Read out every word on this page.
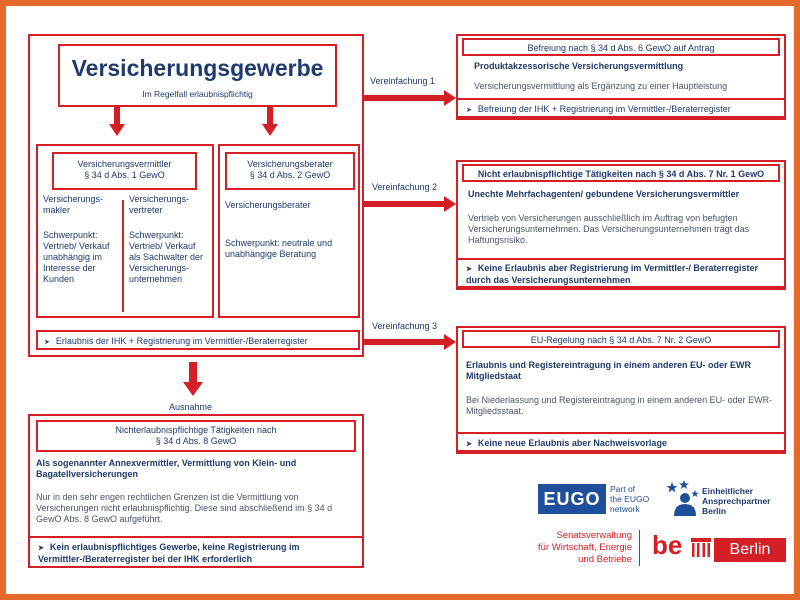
Vereinfachung 1
Vereinfachung 2
Vereinfachung 3
Versicherungsgewerbe
Im Regelfall erlaubnispflichtig
Versicherungsvermittler
§ 34 d Abs. 1 GewO
Versicherungs-
makler
Schwerpunkt: Vertrieb/ Verkauf unabhängig im Interesse der Kunden
Versicherungs-
vertreter
Schwerpunkt: Vertrieb/ Verkauf als Sachwalter der Versicherungs-unternehmen
Versicherungsberater
§ 34 d Abs. 2 GewO
Versicherungsberater
Schwerpunkt: neutrale und unabhängige Beratung
➤ Erlaubnis der IHK + Registrierung im Vermittler-/Beraterregister
Ausnahme
Nichterlaubnispflichtige Tätigkeiten nach
§ 34 d Abs. 8 GewO
Als sogenannter Annexvermittler, Vermittlung von Klein- und Bagatellversicherungen
Nur in den sehr engen rechtlichen Grenzen ist die Vermittlung von Versicherungen nicht erlaubnispflichtig. Diese sind abschließend im § 34 d GewO Abs. 8 GewO aufgeführt.
➤ Kein erlaubnispflichtiges Gewerbe, keine Registrierung im Vermittler-/Beraterregister bei der IHK erforderlich
Befreiung nach § 34 d Abs. 6 GewO auf Antrag
Produktakzessorische Versicherungsvermittlung
Versicherungsvermittlung als Ergänzung zu einer Hauptleistung
➤ Befreiung der IHK + Registrierung im Vermittler-/Beraterregister
Nicht erlaubnispflichtige Tätigkeiten nach § 34 d Abs. 7 Nr. 1 GewO
Unechte Mehrfachagenten/ gebundene Versicherungsvermittler
Vertrieb von Versicherungen ausschließlich im Auftrag von befugten Versicherungsunternehmen. Das Versicherungsunternehmen trägt das Haftungsrisiko.
➤ Keine Erlaubnis aber Registrierung im Vermittler-/ Beraterregister durch das Versicherungsunternehmen
EU-Regelung nach § 34 d Abs. 7 Nr. 2 GewO
Erlaubnis und Registereintragung in einem anderen EU- oder EWR Mitgliedstaat
Bei Niederlassung und Registereintragung in einem anderen EU- oder EWR-Mitgliedsstaat.
➤ Keine neue Erlaubnis aber Nachweisvorlage
EUGO	Part of
the EUGO
network
Einheitlicher
Ansprechpartner
Berlin
Senatsverwaltung
für Wirtschaft, Energie
und Betriebe be	Berlin
